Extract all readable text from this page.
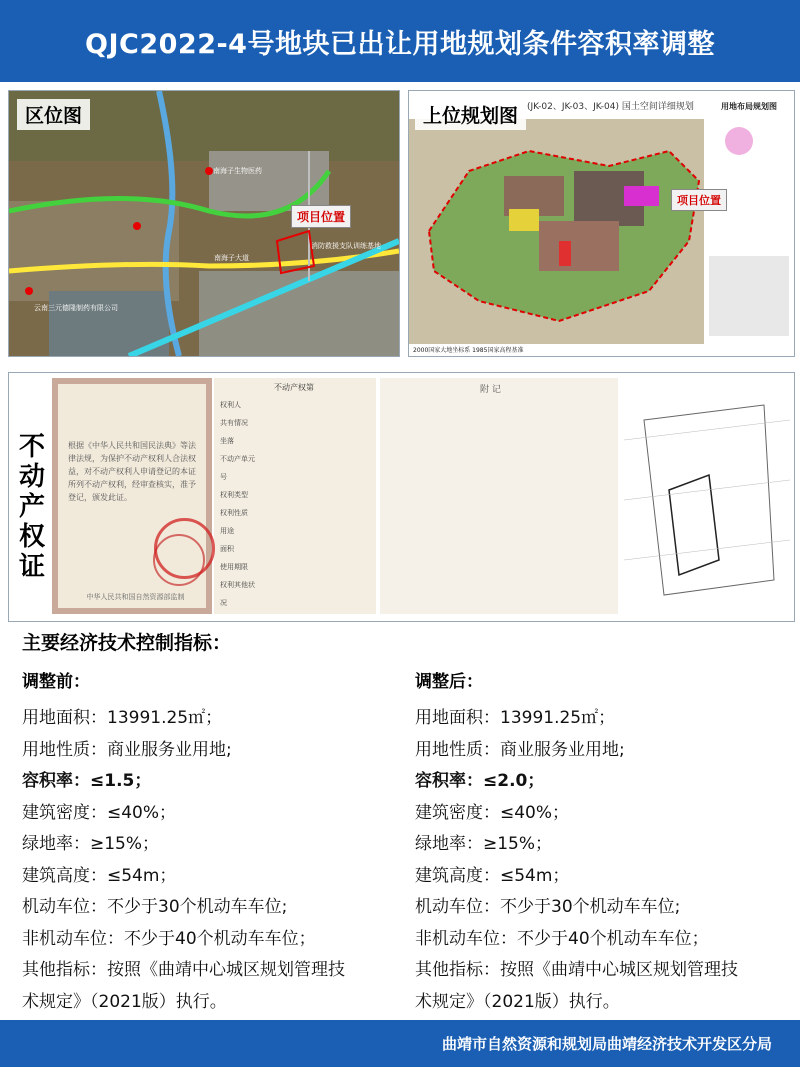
QJC2022-4号地块已出让用地规划条件容积率调整
区位图
项目位置
南海子生物医药
消防救援支队训练基地
云南三元德隆制药有限公司
南海子大道
上位规划图 (JK-02、JK-03、JK-04) 国土空间详细规划	用地布局规划图
项目位置
2000国家大地坐标系 1985国家高程基准
不
动
产
权
证
根据《中华人民共和国民法典》等法律法规，为保护不动产权利人合法权益，对不动产权利人申请登记的本证所列不动产权利，经审查核实，准予登记，颁发此证。
中华人民共和国自然资源部监制
不动产权第
权利人
共有情况
坐落
不动产单元号
权利类型
权利性质
用途
面积
使用期限
权利其他状况
附 记
主要经济技术控制指标：
调整前：	调整后：
用地面积：13991.25㎡；
用地性质：商业服务业用地;
容积率：≤1.5；
建筑密度：≤40%；
绿地率：≥15%；
建筑高度：≤54m；
机动车位：不少于30个机动车车位;
非机动车位：不少于40个机动车车位；
其他指标：按照《曲靖中心城区规划管理技
术规定》（2021版）执行。
用地面积：13991.25㎡；
用地性质：商业服务业用地;
容积率：≤2.0；
建筑密度：≤40%；
绿地率：≥15%；
建筑高度：≤54m；
机动车位：不少于30个机动车车位;
非机动车位：不少于40个机动车车位；
其他指标：按照《曲靖中心城区规划管理技
术规定》（2021版）执行。
曲靖市自然资源和规划局曲靖经济技术开发区分局
